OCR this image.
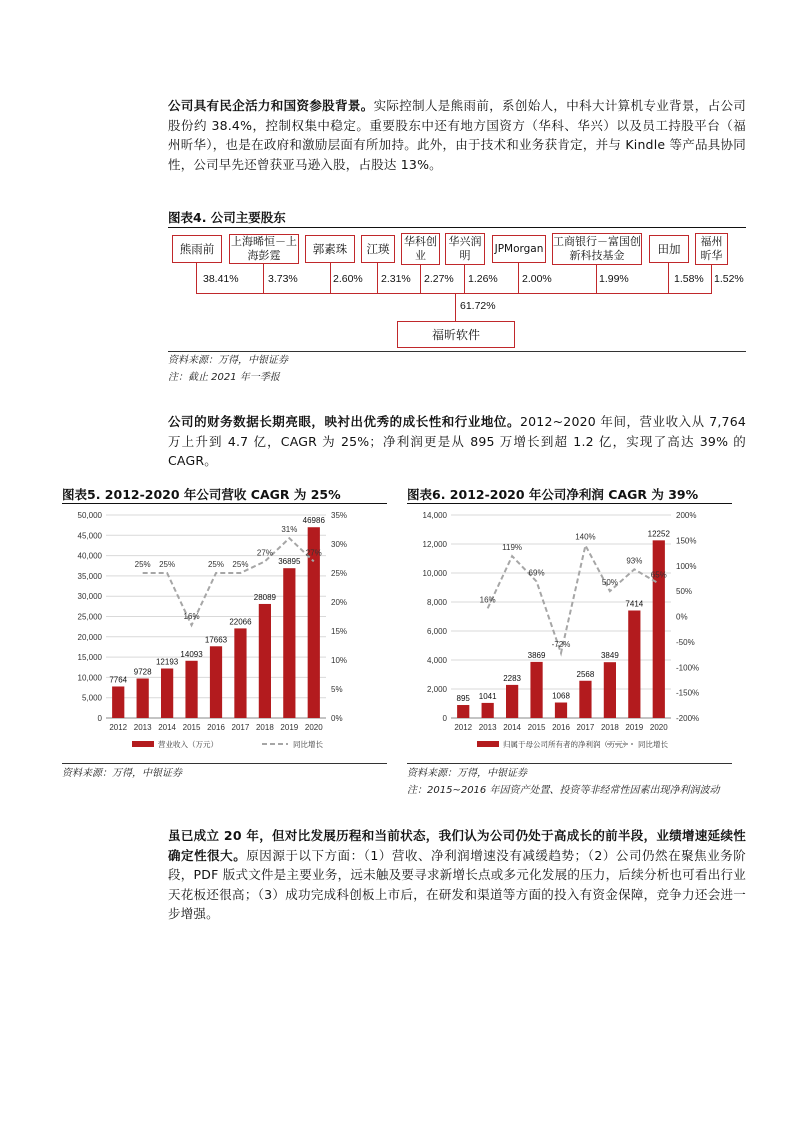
公司具有民企活力和国资参股背景。实际控制人是熊雨前，系创始人，中科大计算机专业背景，占公司股份约 38.4%，控制权集中稳定。重要股东中还有地方国资方（华科、华兴）以及员工持股平台（福州昕华），也是在政府和激励层面有所加持。此外，由于技术和业务获肯定，并与 Kindle 等产品具协同性，公司早先还曾获亚马逊入股，占股达 13%。
图表4. 公司主要股东
熊雨前
上海晞恒－上海彭霆	郭素珠	江瑛
华科创业
华兴润明	JPMorgan
工商银行－富国创新科技基金	田加
福州昕华
38.41%	3.73%	2.60% 2.31% 2.27% 1.26% 2.00%	1.99%	1.58% 1.52%
61.72%
福昕软件
资料来源：万得，中银证券
注：截止 2021 年一季报
公司的财务数据长期亮眼，映衬出优秀的成长性和行业地位。2012~2020 年间，营业收入从 7,764 万上升到 4.7 亿，CAGR 为 25%；净利润更是从 895 万增长到超 1.2 亿，实现了高达 39% 的 CAGR。
图表5. 2012-2020 年公司营收 CAGR 为 25%	图表6. 2012-2020 年公司净利润 CAGR 为 39%
0
5,000
10,000
15,000
20,000
25,000
30,000
35,000
40,000
45,000
50,000
0%
5%
10%
15%
20%
25%
30%
35%
7764
2012
9728
2013
12193
2014
14093
2015
17663
2016
22066
2017
28089
2018
36895
2019
46986
2020
25% 25%
16%
25% 25%
27%
31%
27%
营业收入（万元）	同比增长
0
2,000
4,000
6,000
8,000
10,000
12,000
14,000
-200%
-150%
-100%
-50%
0%
50%
100%
150%
200%
895
2012
1041
2013
2283
2014
3869
2015
1068
2016
2568
2017
3849
2018
7414
2019
12252
2020
16%
119%
69%
-72%
140%
50%
93%
65%
归属于母公司所有者的净利润（万元） 同比增长
资料来源：万得，中银证券	资料来源：万得，中银证券
注：2015~2016 年因资产处置、投资等非经常性因素出现净利润波动
虽已成立 20 年，但对比发展历程和当前状态，我们认为公司仍处于高成长的前半段，业绩增速延续性确定性很大。原因源于以下方面：（1）营收、净利润增速没有减缓趋势；（2）公司仍然在聚焦业务阶段，PDF 版式文件是主要业务，远未触及要寻求新增长点或多元化发展的压力，后续分析也可看出行业天花板还很高；（3）成功完成科创板上市后，在研发和渠道等方面的投入有资金保障，竞争力还会进一步增强。
